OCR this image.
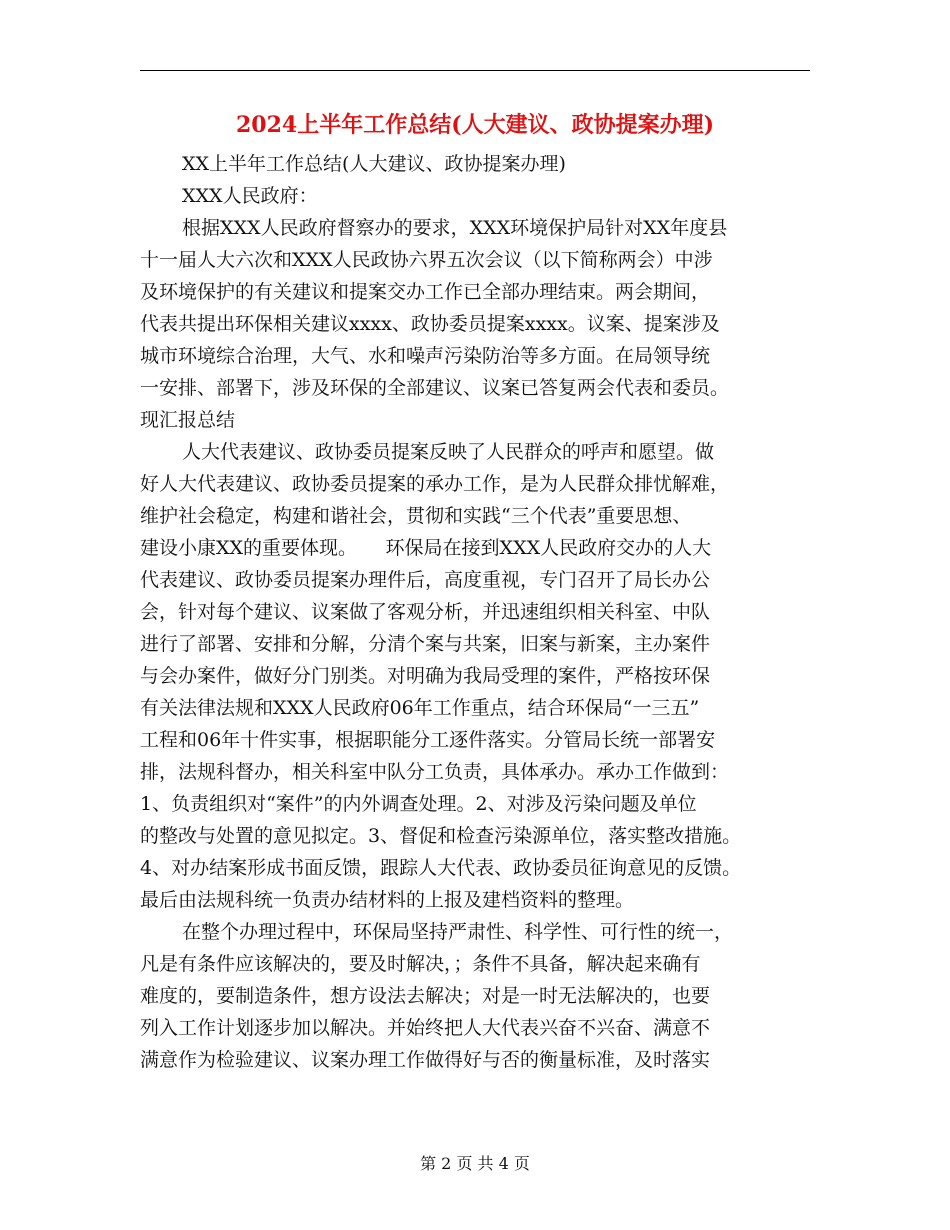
2024上半年工作总结(人大建议、政协提案办理)
XX上半年工作总结(人大建议、政协提案办理)
XXX人民政府：
根据XXX人民政府督察办的要求，XXX环境保护局针对XX年度县
十一届人大六次和XXX人民政协六界五次会议（以下简称两会）中涉
及环境保护的有关建议和提案交办工作已全部办理结束。两会期间，
代表共提出环保相关建议xxxx、政协委员提案xxxx。议案、提案涉及
城市环境综合治理，大气、水和噪声污染防治等多方面。在局领导统
一安排、部署下，涉及环保的全部建议、议案已答复两会代表和委员。
现汇报总结
人大代表建议、政协委员提案反映了人民群众的呼声和愿望。做
好人大代表建议、政协委员提案的承办工作，是为人民群众排忧解难，
维护社会稳定，构建和谐社会，贯彻和实践“三个代表”重要思想、
建设小康XX的重要体现。　　环保局在接到XXX人民政府交办的人大
代表建议、政协委员提案办理件后，高度重视，专门召开了局长办公
会，针对每个建议、议案做了客观分析，并迅速组织相关科室、中队
进行了部署、安排和分解，分清个案与共案，旧案与新案，主办案件
与会办案件，做好分门别类。对明确为我局受理的案件，严格按环保
有关法律法规和XXX人民政府06年工作重点，结合环保局“一三五”
工程和06年十件实事，根据职能分工逐件落实。分管局长统一部署安
排，法规科督办，相关科室中队分工负责，具体承办。承办工作做到：
1、负责组织对“案件”的内外调查处理。2、对涉及污染问题及单位
的整改与处置的意见拟定。3、督促和检查污染源单位，落实整改措施。
4、对办结案形成书面反馈，跟踪人大代表、政协委员征询意见的反馈。
最后由法规科统一负责办结材料的上报及建档资料的整理。
在整个办理过程中，环保局坚持严肃性、科学性、可行性的统一，
凡是有条件应该解决的，要及时解决，；条件不具备，解决起来确有
难度的，要制造条件，想方设法去解决；对是一时无法解决的，也要
列入工作计划逐步加以解决。并始终把人大代表兴奋不兴奋、满意不
满意作为检验建议、议案办理工作做得好与否的衡量标准，及时落实
第 2 页 共 4 页
